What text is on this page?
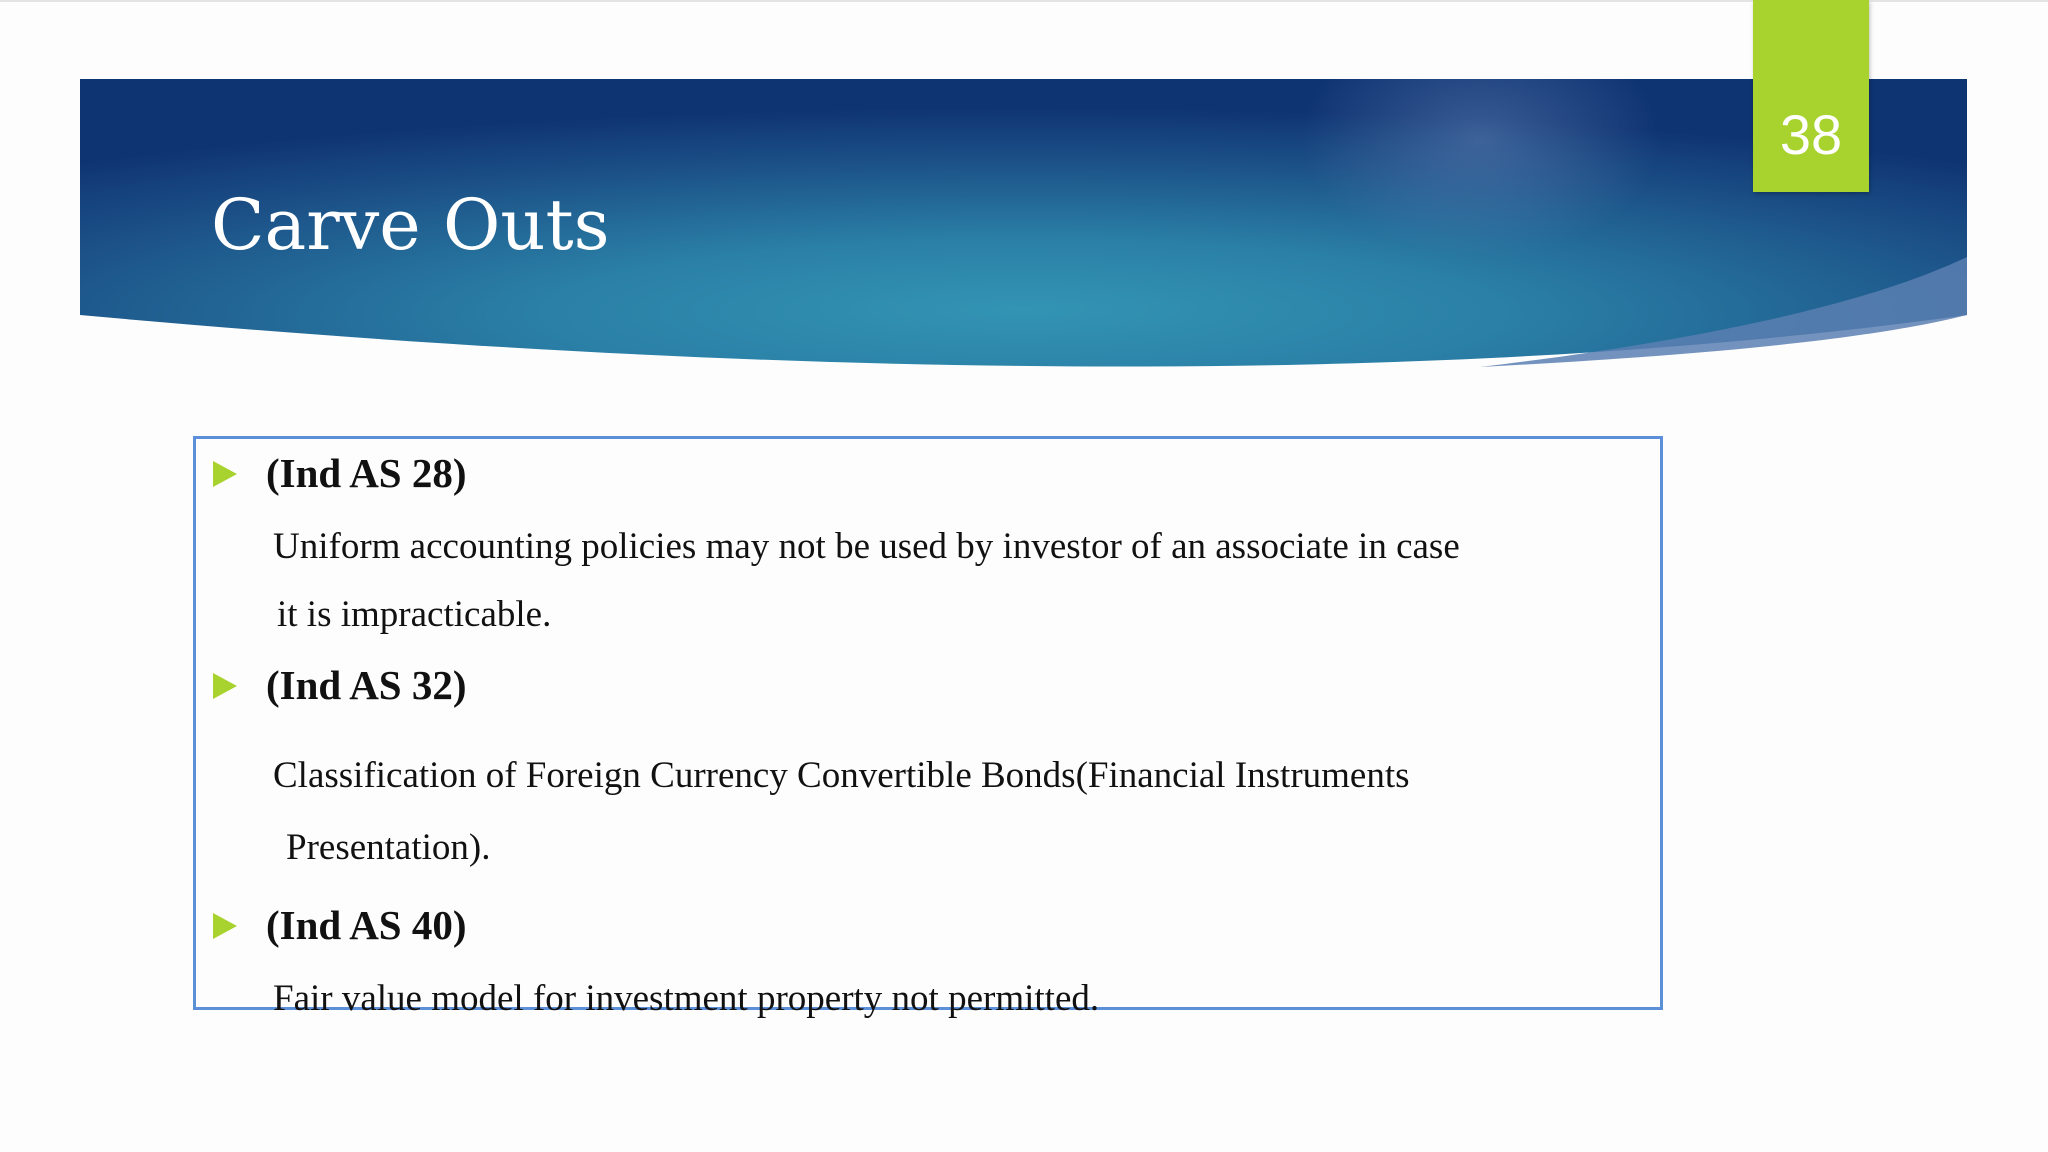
Carve Outs
38

(Ind AS 28)

Uniform accounting policies may not be used by investor of an associate in case

it is impracticable.

(Ind AS 32)

Classification of Foreign Currency Convertible Bonds(Financial Instruments

Presentation).

(Ind AS 40)

Fair value model for investment property not permitted.
